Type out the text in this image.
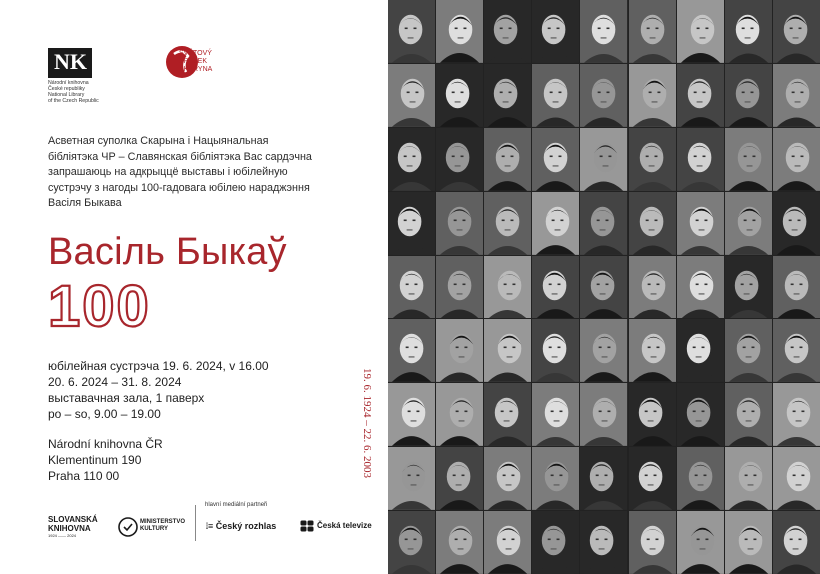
NK
Národní knihovna
České republiky
National Library
of the Czech Republic
SVĚTOVÝ
SPOLEK
SKARYNA
Асветная суполка Скарына і Нацыянальная
бібліятэка ЧР – Славянская бібліятэка Вас сардэчна
запрашаюць на адкрыццё выставы і юбілейную
сустрэчу з нагоды 100-гадовага юбілею нараджэння
Васіля Быкава
Васіль Быкаў
100
юбілейная сустрэча 19. 6. 2024, v 16.00
20. 6. 2024 – 31. 8. 2024
выставачная зала, 1 паверх
po – so, 9.00 – 19.00
Národní knihovna ČR
Klementinum 190
Praha 110 00	19. 6. 1924 – 22. 6. 2003
hlavní mediální partneři
SLOVANSKÁ
KNIHOVNA
1924 —— 2024
MINISTERSTVO
KULTURY	⦙≡ Český rozhlas	Česká televize
